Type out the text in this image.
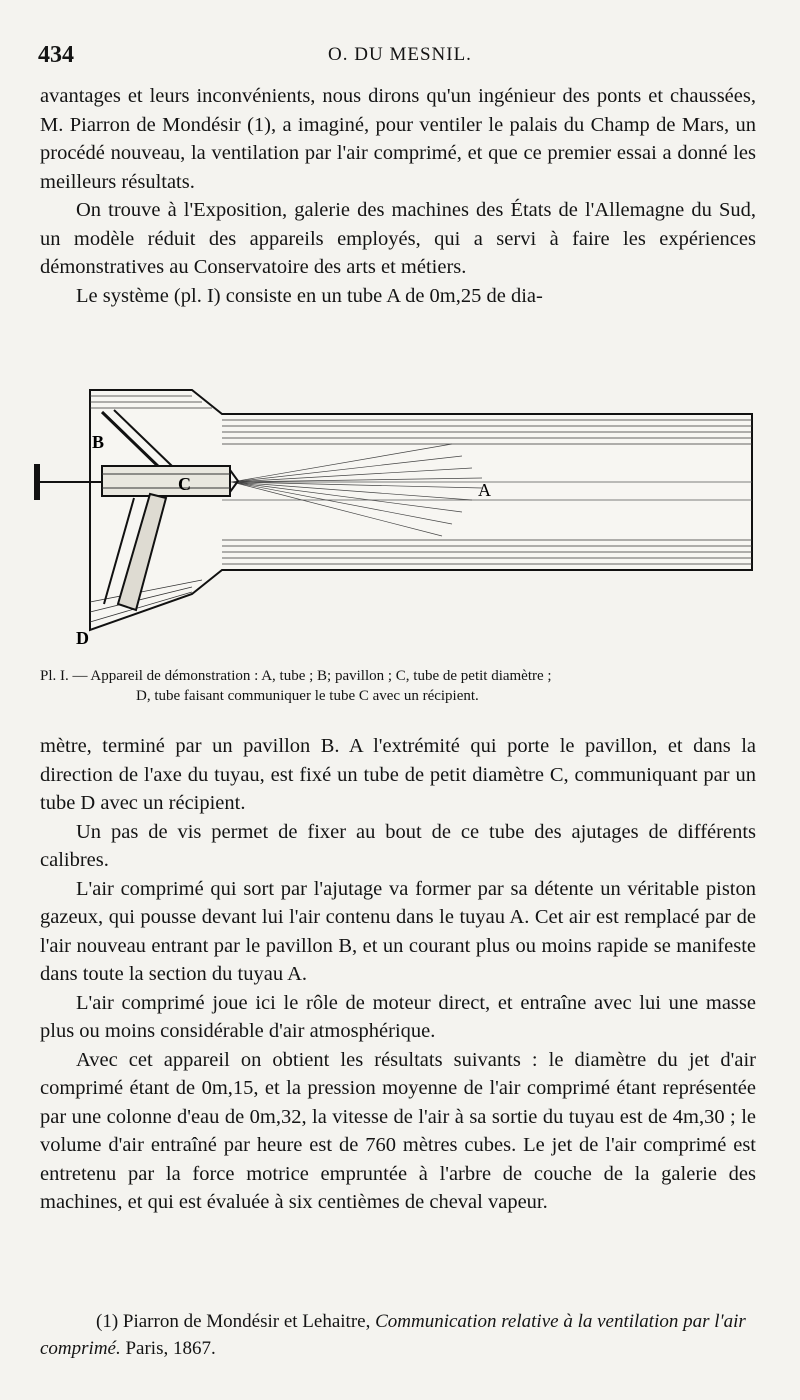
434	O. DU MESNIL.

avantages et leurs inconvénients, nous dirons qu'un ingénieur des ponts et chaussées, M. Piarron de Mondésir (1), a imaginé, pour ventiler le palais du Champ de Mars, un procédé nouveau, la ventilation par l'air comprimé, et que ce premier essai a donné les meilleurs résultats.

On trouve à l'Exposition, galerie des machines des États de l'Allemagne du Sud, un modèle réduit des appareils employés, qui a servi à faire les expériences démonstratives au Conservatoire des arts et métiers.

Le système (pl. I) consiste en un tube A de 0m,25 de dia-

B
C	A
D
Pl. I. — Appareil de démonstration : A, tube ; B; pavillon ; C, tube de petit diamètre ;
D, tube faisant communiquer le tube C avec un récipient.

mètre, terminé par un pavillon B. A l'extrémité qui porte le pavillon, et dans la direction de l'axe du tuyau, est fixé un tube de petit diamètre C, communiquant par un tube D avec un récipient.

Un pas de vis permet de fixer au bout de ce tube des ajutages de différents calibres.

L'air comprimé qui sort par l'ajutage va former par sa détente un véritable piston gazeux, qui pousse devant lui l'air contenu dans le tuyau A. Cet air est remplacé par de l'air nouveau entrant par le pavillon B, et un courant plus ou moins rapide se manifeste dans toute la section du tuyau A.

L'air comprimé joue ici le rôle de moteur direct, et entraîne avec lui une masse plus ou moins considérable d'air atmosphérique.

Avec cet appareil on obtient les résultats suivants : le diamètre du jet d'air comprimé étant de 0m,15, et la pression moyenne de l'air comprimé étant représentée par une colonne d'eau de 0m,32, la vitesse de l'air à sa sortie du tuyau est de 4m,30 ; le volume d'air entraîné par heure est de 760 mètres cubes. Le jet de l'air comprimé est entretenu par la force motrice empruntée à l'arbre de couche de la galerie des machines, et qui est évaluée à six centièmes de cheval vapeur.

(1) Piarron de Mondésir et Lehaitre, Communication relative à la ventilation par l'air comprimé. Paris, 1867.
